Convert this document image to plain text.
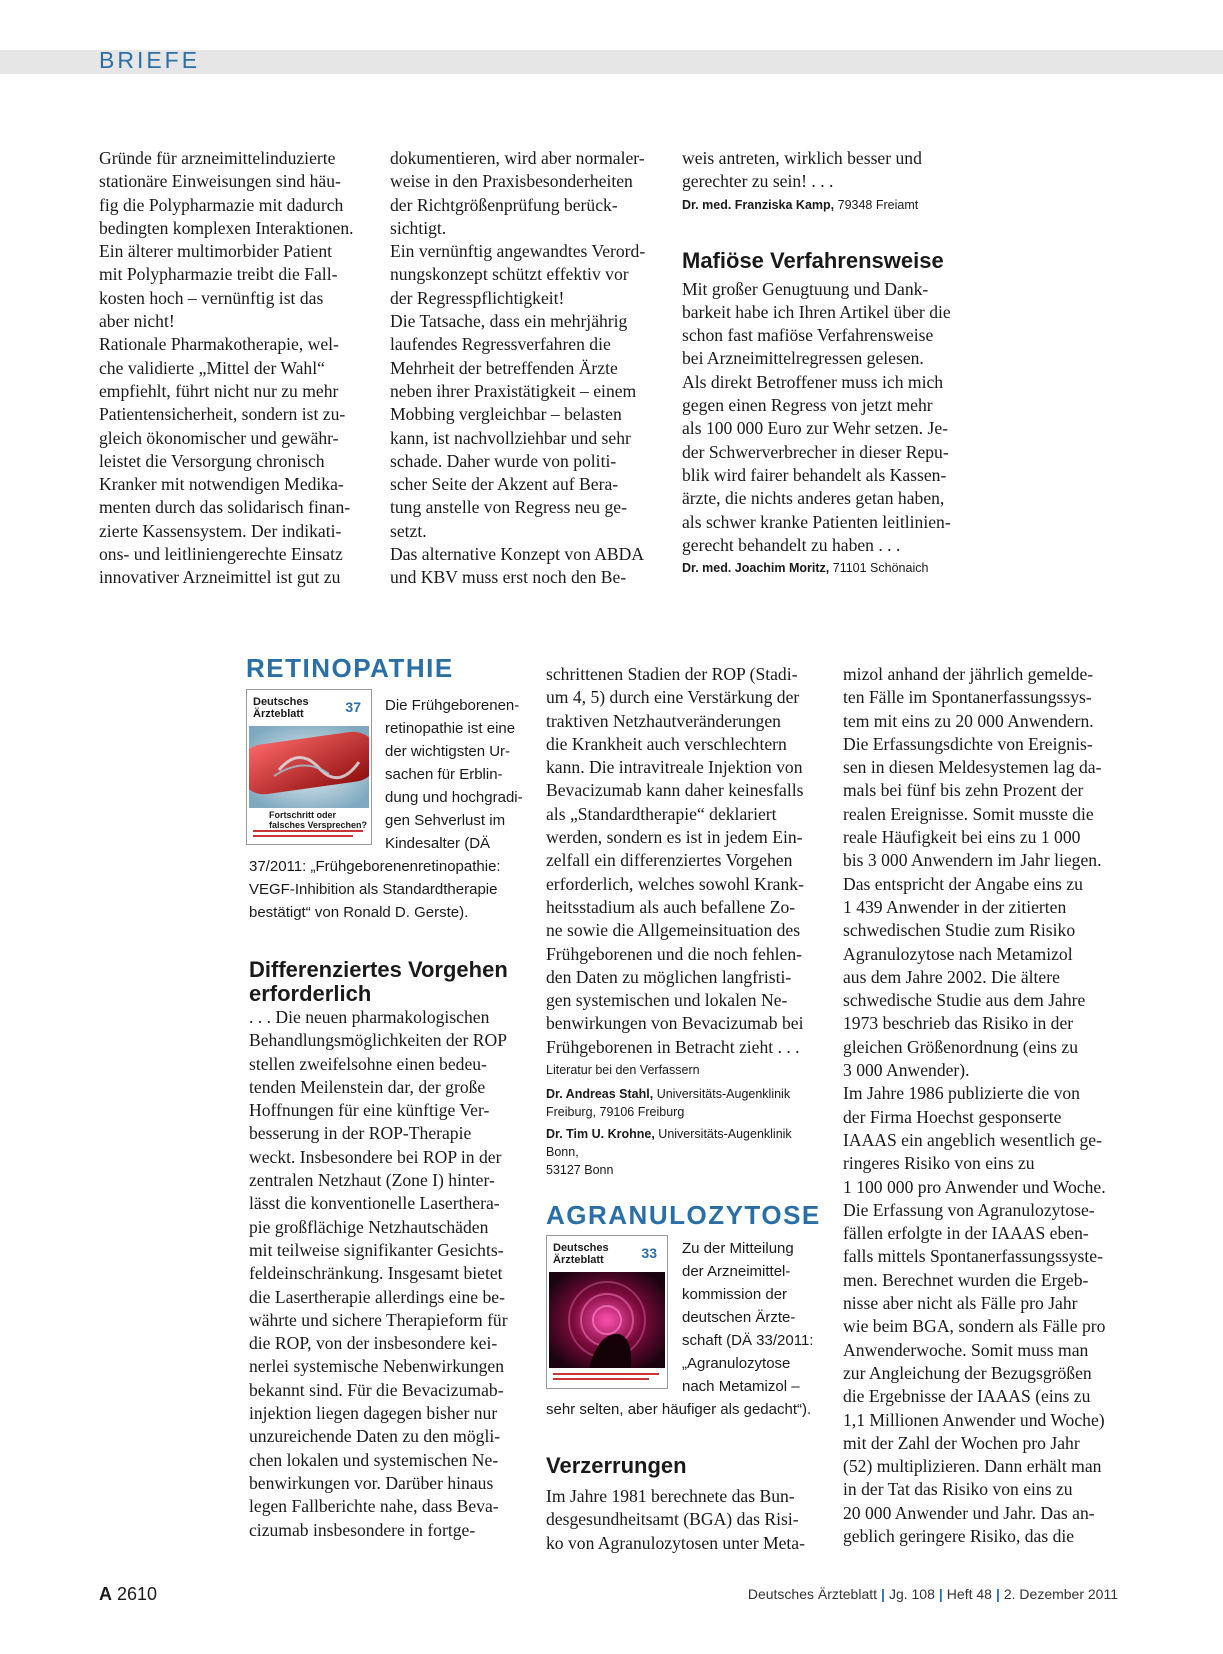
BRIEFE
Gründe für arzneimittelinduzierte
stationäre Einweisungen sind häu-
fig die Polypharmazie mit dadurch
bedingten komplexen Interaktionen.
Ein älterer multimorbider Patient
mit Polypharmazie treibt die Fall-
kosten hoch – vernünftig ist das
aber nicht!
Rationale Pharmakotherapie, wel-
che validierte „Mittel der Wahl“
empfiehlt, führt nicht nur zu mehr
Patientensicherheit, sondern ist zu-
gleich ökonomischer und gewähr-
leistet die Versorgung chronisch
Kranker mit notwendigen Medika-
menten durch das solidarisch finan-
zierte Kassensystem. Der indikati-
ons- und leitliniengerechte Einsatz
innovativer Arzneimittel ist gut zu
dokumentieren, wird aber normaler-
weise in den Praxisbesonderheiten
der Richtgrößenprüfung berück-
sichtigt.
Ein vernünftig angewandtes Verord-
nungskonzept schützt effektiv vor
der Regresspflichtigkeit!
Die Tatsache, dass ein mehrjährig
laufendes Regressverfahren die
Mehrheit der betreffenden Ärzte
neben ihrer Praxistätigkeit – einem
Mobbing vergleichbar – belasten
kann, ist nachvollziehbar und sehr
schade. Daher wurde von politi-
scher Seite der Akzent auf Bera-
tung anstelle von Regress neu ge-
setzt.
Das alternative Konzept von ABDA
und KBV muss erst noch den Be-
weis antreten, wirklich besser und
gerechter zu sein! . . .
Dr. med. Franziska Kamp, 79348 Freiamt
Mafiöse Verfahrensweise
Mit großer Genugtuung und Dank-
barkeit habe ich Ihren Artikel über die
schon fast mafiöse Verfahrensweise
bei Arzneimittelregressen gelesen.
Als direkt Betroffener muss ich mich
gegen einen Regress von jetzt mehr
als 100 000 Euro zur Wehr setzen. Je-
der Schwerverbrecher in dieser Repu-
blik wird fairer behandelt als Kassen-
ärzte, die nichts anderes getan haben,
als schwer kranke Patienten leitlinien-
gerecht behandelt zu haben . . .
Dr. med. Joachim Moritz, 71101 Schönaich
RETINOPATHIE
Deutsches
Ärzteblatt	37
Fortschritt oder
falsches Versprechen?
Die Frühgeborenen-
retinopathie ist eine
der wichtigsten Ur-
sachen für Erblin-
dung und hochgradi-
gen Sehverlust im
Kindesalter (DÄ
37/2011: „Frühgeborenenretinopathie:
VEGF-Inhibition als Standardtherapie
bestätigt“ von Ronald D. Gerste).
Differenziertes Vorgehen
erforderlich
. . . Die neuen pharmakologischen
Behandlungsmöglichkeiten der ROP
stellen zweifelsohne einen bedeu-
tenden Meilenstein dar, der große
Hoffnungen für eine künftige Ver-
besserung in der ROP-Therapie
weckt. Insbesondere bei ROP in der
zentralen Netzhaut (Zone I) hinter-
lässt die konventionelle Laserthera-
pie großflächige Netzhautschäden
mit teilweise signifikanter Gesichts-
feldeinschränkung. Insgesamt bietet
die Lasertherapie allerdings eine be-
währte und sichere Therapieform für
die ROP, von der insbesondere kei-
nerlei systemische Nebenwirkungen
bekannt sind. Für die Bevacizumab-
injektion liegen dagegen bisher nur
unzureichende Daten zu den mögli-
chen lokalen und systemischen Ne-
benwirkungen vor. Darüber hinaus
legen Fallberichte nahe, dass Beva-
cizumab insbesondere in fortge-
schrittenen Stadien der ROP (Stadi-
um 4, 5) durch eine Verstärkung der
traktiven Netzhautveränderungen
die Krankheit auch verschlechtern
kann. Die intravitreale Injektion von
Bevacizumab kann daher keinesfalls
als „Standardtherapie“ deklariert
werden, sondern es ist in jedem Ein-
zelfall ein differenziertes Vorgehen
erforderlich, welches sowohl Krank-
heitsstadium als auch befallene Zo-
ne sowie die Allgemeinsituation des
Frühgeborenen und die noch fehlen-
den Daten zu möglichen langfristi-
gen systemischen und lokalen Ne-
benwirkungen von Bevacizumab bei
Frühgeborenen in Betracht zieht . . .
Literatur bei den Verfassern
Dr. Andreas Stahl, Universitäts-Augenklinik
Freiburg, 79106 Freiburg
Dr. Tim U. Krohne, Universitäts-Augenklinik Bonn,
53127 Bonn
AGRANULOZYTOSE
Deutsches
Ärzteblatt	33 Zu der Mitteilung
der Arzneimittel-
kommission der
deutschen Ärzte-
schaft (DÄ 33/2011:
„Agranulozytose
nach Metamizol –
sehr selten, aber häufiger als gedacht“).
Verzerrungen
Im Jahre 1981 berechnete das Bun-
desgesundheitsamt (BGA) das Risi-
ko von Agranulozytosen unter Meta-
mizol anhand der jährlich gemelde-
ten Fälle im Spontanerfassungssys-
tem mit eins zu 20 000 Anwendern.
Die Erfassungsdichte von Ereignis-
sen in diesen Meldesystemen lag da-
mals bei fünf bis zehn Prozent der
realen Ereignisse. Somit musste die
reale Häufigkeit bei eins zu 1 000
bis 3 000 Anwendern im Jahr liegen.
Das entspricht der Angabe eins zu
1 439 Anwender in der zitierten
schwedischen Studie zum Risiko
Agranulozytose nach Metamizol
aus dem Jahre 2002. Die ältere
schwedische Studie aus dem Jahre
1973 beschrieb das Risiko in der
gleichen Größenordnung (eins zu
3 000 Anwender).
Im Jahre 1986 publizierte die von
der Firma Hoechst gesponserte
IAAAS ein angeblich wesentlich ge-
ringeres Risiko von eins zu
1 100 000 pro Anwender und Woche.
Die Erfassung von Agranulozytose-
fällen erfolgte in der IAAAS eben-
falls mittels Spontanerfassungssyste-
men. Berechnet wurden die Ergeb-
nisse aber nicht als Fälle pro Jahr
wie beim BGA, sondern als Fälle pro
Anwenderwoche. Somit muss man
zur Angleichung der Bezugsgrößen
die Ergebnisse der IAAAS (eins zu
1,1 Millionen Anwender und Woche)
mit der Zahl der Wochen pro Jahr
(52) multiplizieren. Dann erhält man
in der Tat das Risiko von eins zu
20 000 Anwender und Jahr. Das an-
geblich geringere Risiko, das die
A 2610	Deutsches Ärzteblatt | Jg. 108 | Heft 48 | 2. Dezember 2011
